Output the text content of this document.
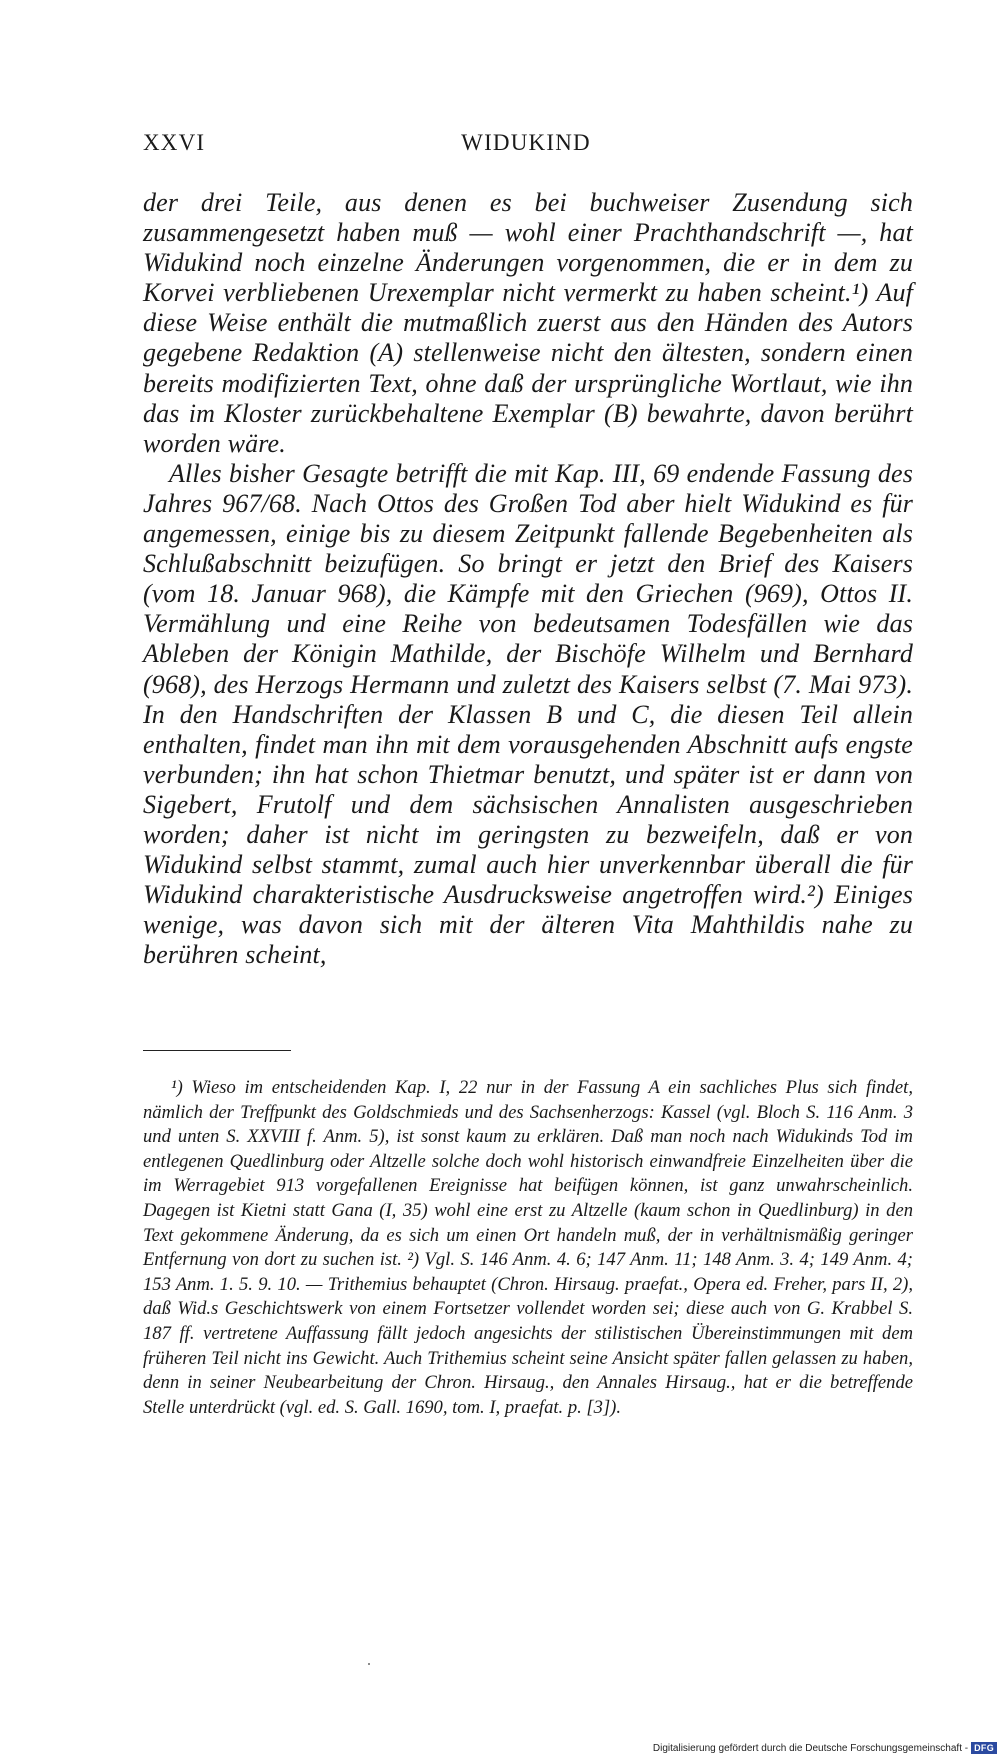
XXVI	WIDUKIND

der drei Teile, aus denen es bei buchweiser Zusendung sich zusammengesetzt haben muß — wohl einer Prachthandschrift —, hat Widukind noch einzelne Änderungen vorgenommen, die er in dem zu Korvei verbliebenen Urexemplar nicht vermerkt zu haben scheint.¹) Auf diese Weise enthält die mutmaßlich zuerst aus den Händen des Autors gegebene Redaktion (A) stellenweise nicht den ältesten, sondern einen bereits modifizierten Text, ohne daß der ursprüngliche Wortlaut, wie ihn das im Kloster zurückbehaltene Exemplar (B) bewahrte, davon berührt worden wäre.

Alles bisher Gesagte betrifft die mit Kap. III, 69 endende Fassung des Jahres 967/68. Nach Ottos des Großen Tod aber hielt Widukind es für angemessen, einige bis zu diesem Zeitpunkt fallende Begebenheiten als Schlußabschnitt beizufügen. So bringt er jetzt den Brief des Kaisers (vom 18. Januar 968), die Kämpfe mit den Griechen (969), Ottos II. Vermählung und eine Reihe von bedeutsamen Todesfällen wie das Ableben der Königin Mathilde, der Bischöfe Wilhelm und Bernhard (968), des Herzogs Hermann und zuletzt des Kaisers selbst (7. Mai 973). In den Handschriften der Klassen B und C, die diesen Teil allein enthalten, findet man ihn mit dem vorausgehenden Abschnitt aufs engste verbunden; ihn hat schon Thietmar benutzt, und später ist er dann von Sigebert, Frutolf und dem sächsischen Annalisten ausgeschrieben worden; daher ist nicht im geringsten zu bezweifeln, daß er von Widukind selbst stammt, zumal auch hier unverkennbar überall die für Widukind charakteristische Ausdrucksweise angetroffen wird.²) Einiges wenige, was davon sich mit der älteren Vita Mahthildis nahe zu berühren scheint,

¹) Wieso im entscheidenden Kap. I, 22 nur in der Fassung A ein sachliches Plus sich findet, nämlich der Treffpunkt des Goldschmieds und des Sachsenherzogs: Kassel (vgl. Bloch S. 116 Anm. 3 und unten S. XXVIII f. Anm. 5), ist sonst kaum zu erklären. Daß man noch nach Widukinds Tod im entlegenen Quedlinburg oder Altzelle solche doch wohl historisch einwandfreie Einzelheiten über die im Werragebiet 913 vorgefallenen Ereignisse hat beifügen können, ist ganz unwahrscheinlich. Dagegen ist Kietni statt Gana (I, 35) wohl eine erst zu Altzelle (kaum schon in Quedlinburg) in den Text gekommene Änderung, da es sich um einen Ort handeln muß, der in verhältnismäßig geringer Entfernung von dort zu suchen ist. ²) Vgl. S. 146 Anm. 4. 6; 147 Anm. 11; 148 Anm. 3. 4; 149 Anm. 4; 153 Anm. 1. 5. 9. 10. — Trithemius behauptet (Chron. Hirsaug. praefat., Opera ed. Freher, pars II, 2), daß Wid.s Geschichtswerk von einem Fortsetzer vollendet worden sei; diese auch von G. Krabbel S. 187 ff. vertretene Auffassung fällt jedoch angesichts der stilistischen Übereinstimmungen mit dem früheren Teil nicht ins Gewicht. Auch Trithemius scheint seine Ansicht später fallen gelassen zu haben, denn in seiner Neubearbeitung der Chron. Hirsaug., den Annales Hirsaug., hat er die betreffende Stelle unterdrückt (vgl. ed. S. Gall. 1690, tom. I, praefat. p. [3]).

Digitalisierung gefördert durch die Deutsche Forschungsgemeinschaft - DFG
